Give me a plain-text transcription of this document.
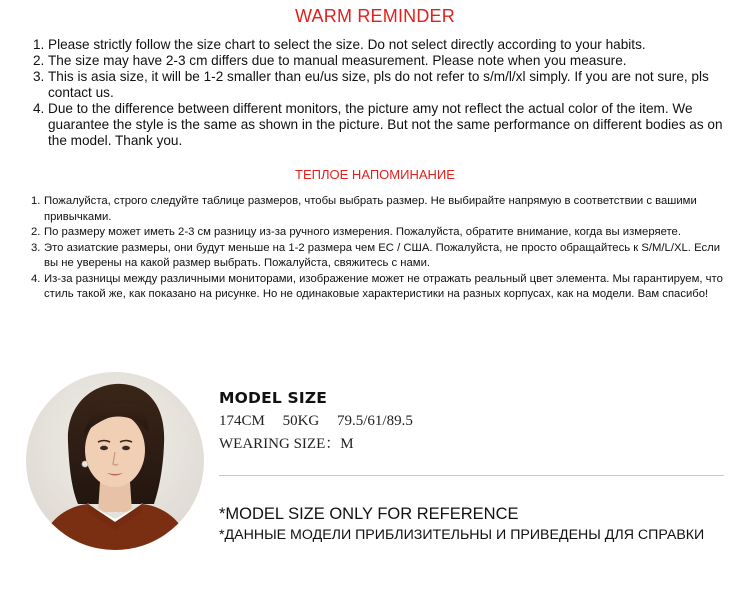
WARM REMINDER
1. Please strictly follow the size chart to select the size. Do not select directly according to your habits.
2. The size may have 2-3 cm differs due to manual measurement. Please note when you measure.
3. This is asia size, it will be 1-2 smaller than eu/us size, pls do not refer to s/m/l/xl simply. If you are not sure, pls contact us.
4. Due to the difference between different monitors, the picture amy not reflect the actual color of the item. We guarantee the style is the same as shown in the picture. But not the same performance on different bodies as on the model. Thank you.
ТЕПЛОЕ НАПОМИНАНИЕ
1. Пожалуйста, строго следуйте таблице размеров, чтобы выбрать размер. Не выбирайте напрямую в соответствии с вашими привычками.
2. По размеру может иметь 2-3 см разницу из-за ручного измерения. Пожалуйста, обратите внимание, когда вы измеряете.
3. Это азиатские размеры, они будут меньше на 1-2 размера чем ЕС / США. Пожалуйста, не просто обращайтесь к S/M/L/XL. Если вы не уверены на какой размер выбрать. Пожалуйста, свяжитесь с нами.
4. Из-за разницы между различными мониторами, изображение может не отражать реальный цвет элемента. Мы гарантируем, что стиль такой же, как показано на рисунке. Но не одинаковые характеристики на разных корпусах, как на модели. Вам спасибо!
MODEL SIZE
174CM 50KG 79.5/61/89.5
WEARING SIZE：M
*MODEL SIZE ONLY FOR REFERENCE
*ДАННЫЕ МОДЕЛИ ПРИБЛИЗИТЕЛЬНЫ И ПРИВЕДЕНЫ ДЛЯ СПРАВКИ
